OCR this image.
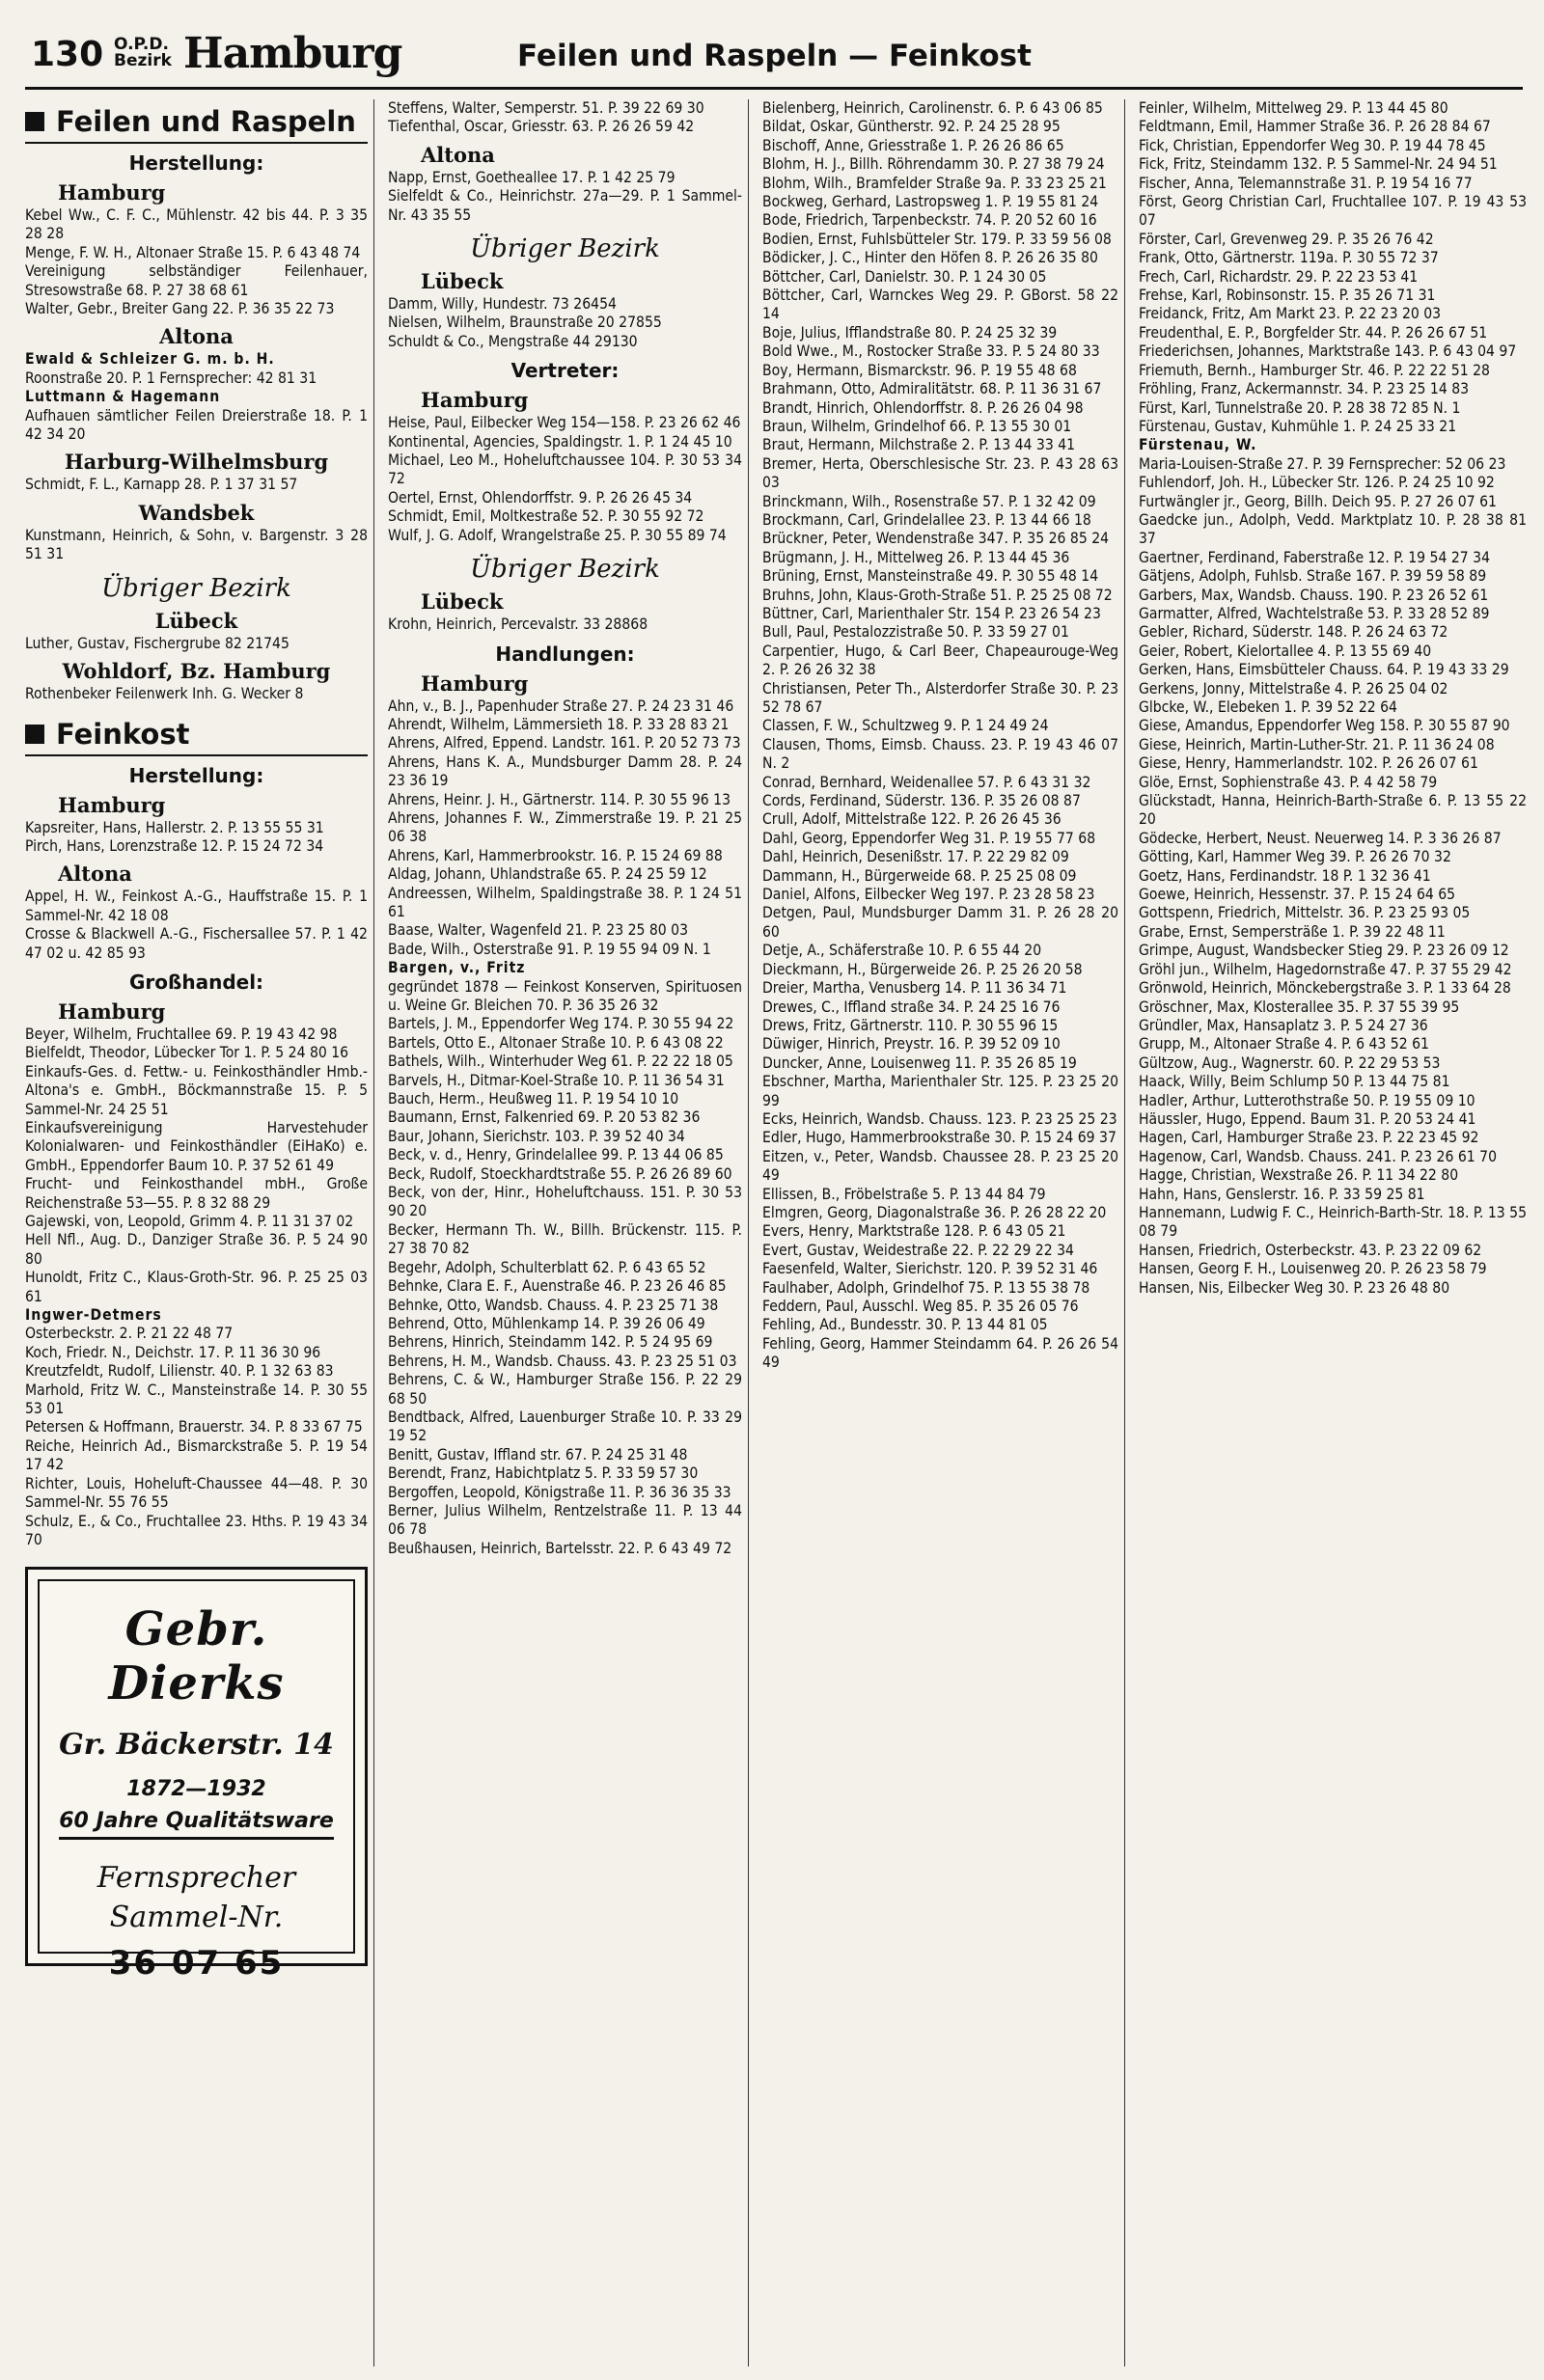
130 O.P.D.
Bezirk Hamburg	Feilen und Raspeln — Feinkost
Feilen und Raspeln
Herstellung:
Hamburg
Kebel Ww., C. F. C., Mühlenstr. 42 bis 44. P. 3 35 28 28
Menge, F. W. H., Altonaer Straße 15. P. 6 43 48 74
Vereinigung selbständiger Feilenhauer, Stresowstraße 68. P. 27 38 68 61
Walter, Gebr., Breiter Gang 22. P. 36 35 22 73
Altona
Ewald & Schleizer G. m. b. H.
Roonstraße 20. P. 1 Fernsprecher: 42 81 31
Luttmann & Hagemann
Aufhauen sämtlicher Feilen Dreierstraße 18. P. 1 42 34 20
Harburg-Wilhelmsburg
Schmidt, F. L., Karnapp 28. P. 1 37 31 57
Wandsbek
Kunstmann, Heinrich, & Sohn, v. Bargenstr. 3 28 51 31
Übriger Bezirk
Lübeck
Luther, Gustav, Fischergrube 82 21745
Wohldorf, Bz. Hamburg
Rothenbeker Feilenwerk Inh. G. Wecker 8
Feinkost
Herstellung:
Hamburg
Kapsreiter, Hans, Hallerstr. 2. P. 13 55 55 31
Pirch, Hans, Lorenzstraße 12. P. 15 24 72 34
Altona
Appel, H. W., Feinkost A.-G., Hauffstraße 15. P. 1 Sammel-Nr. 42 18 08
Crosse & Blackwell A.-G., Fischersallee 57. P. 1 42 47 02 u. 42 85 93
Großhandel:
Hamburg
Beyer, Wilhelm, Fruchtallee 69. P. 19 43 42 98
Bielfeldt, Theodor, Lübecker Tor 1. P. 5 24 80 16
Einkaufs-Ges. d. Fettw.- u. Feinkosthändler Hmb.-Altona's e. GmbH., Böckmannstraße 15. P. 5 Sammel-Nr. 24 25 51
Einkaufsvereinigung Harvestehuder Kolonialwaren- und Feinkosthändler (EiHaKo) e. GmbH., Eppendorfer Baum 10. P. 37 52 61 49
Frucht- und Feinkosthandel mbH., Große Reichenstraße 53—55. P. 8 32 88 29
Gajewski, von, Leopold, Grimm 4. P. 11 31 37 02
Hell Nfl., Aug. D., Danziger Straße 36. P. 5 24 90 80
Hunoldt, Fritz C., Klaus-Groth-Str. 96. P. 25 25 03 61
Ingwer-Detmers
Osterbeckstr. 2. P. 21 22 48 77
Koch, Friedr. N., Deichstr. 17. P. 11 36 30 96
Kreutzfeldt, Rudolf, Lilienstr. 40. P. 1 32 63 83
Marhold, Fritz W. C., Mansteinstraße 14. P. 30 55 53 01
Petersen & Hoffmann, Brauerstr. 34. P. 8 33 67 75
Reiche, Heinrich Ad., Bismarckstraße 5. P. 19 54 17 42
Richter, Louis, Hoheluft-Chaussee 44—48. P. 30 Sammel-Nr. 55 76 55
Schulz, E., & Co., Fruchtallee 23. Hths. P. 19 43 34 70
Gebr. Dierks
Gr. Bäckerstr. 14
1872—1932
60 Jahre Qualitätsware
Fernsprecher
Sammel-Nr.
36 07 65
Steffens, Walter, Semperstr. 51. P. 39 22 69 30
Tiefenthal, Oscar, Griesstr. 63. P. 26 26 59 42
Altona
Napp, Ernst, Goetheallee 17. P. 1 42 25 79
Sielfeldt & Co., Heinrichstr. 27a—29. P. 1 Sammel-Nr. 43 35 55
Übriger Bezirk
Lübeck
Damm, Willy, Hundestr. 73 26454
Nielsen, Wilhelm, Braunstraße 20 27855
Schuldt & Co., Mengstraße 44 29130
Vertreter:
Hamburg
Heise, Paul, Eilbecker Weg 154—158. P. 23 26 62 46
Kontinental, Agencies, Spaldingstr. 1. P. 1 24 45 10
Michael, Leo M., Hoheluftchaussee 104. P. 30 53 34 72
Oertel, Ernst, Ohlendorffstr. 9. P. 26 26 45 34
Schmidt, Emil, Moltkestraße 52. P. 30 55 92 72
Wulf, J. G. Adolf, Wrangelstraße 25. P. 30 55 89 74
Übriger Bezirk
Lübeck
Krohn, Heinrich, Percevalstr. 33 28868
Handlungen:
Hamburg
Ahn, v., B. J., Papenhuder Straße 27. P. 24 23 31 46
Ahrendt, Wilhelm, Lämmersieth 18. P. 33 28 83 21
Ahrens, Alfred, Eppend. Landstr. 161. P. 20 52 73 73
Ahrens, Hans K. A., Mundsburger Damm 28. P. 24 23 36 19
Ahrens, Heinr. J. H., Gärtnerstr. 114. P. 30 55 96 13
Ahrens, Johannes F. W., Zimmerstraße 19. P. 21 25 06 38
Ahrens, Karl, Hammerbrookstr. 16. P. 15 24 69 88
Aldag, Johann, Uhlandstraße 65. P. 24 25 59 12
Andreessen, Wilhelm, Spaldingstraße 38. P. 1 24 51 61
Baase, Walter, Wagenfeld 21. P. 23 25 80 03
Bade, Wilh., Osterstraße 91. P. 19 55 94 09 N. 1
Bargen, v., Fritz
gegründet 1878 — Feinkost Konserven, Spirituosen u. Weine Gr. Bleichen 70. P. 36 35 26 32
Bartels, J. M., Eppendorfer Weg 174. P. 30 55 94 22
Bartels, Otto E., Altonaer Straße 10. P. 6 43 08 22
Bathels, Wilh., Winterhuder Weg 61. P. 22 22 18 05
Barvels, H., Ditmar-Koel-Straße 10. P. 11 36 54 31
Bauch, Herm., Heußweg 11. P. 19 54 10 10
Baumann, Ernst, Falkenried 69. P. 20 53 82 36
Baur, Johann, Sierichstr. 103. P. 39 52 40 34
Beck, v. d., Henry, Grindelallee 99. P. 13 44 06 85
Beck, Rudolf, Stoeckhardtstraße 55. P. 26 26 89 60
Beck, von der, Hinr., Hoheluftchauss. 151. P. 30 53 90 20
Becker, Hermann Th. W., Billh. Brückenstr. 115. P. 27 38 70 82
Begehr, Adolph, Schulterblatt 62. P. 6 43 65 52
Behnke, Clara E. F., Auenstraße 46. P. 23 26 46 85
Behnke, Otto, Wandsb. Chauss. 4. P. 23 25 71 38
Behrend, Otto, Mühlenkamp 14. P. 39 26 06 49
Behrens, Hinrich, Steindamm 142. P. 5 24 95 69
Behrens, H. M., Wandsb. Chauss. 43. P. 23 25 51 03
Behrens, C. & W., Hamburger Straße 156. P. 22 29 68 50
Bendtback, Alfred, Lauenburger Straße 10. P. 33 29 19 52
Benitt, Gustav, Iffland str. 67. P. 24 25 31 48
Berendt, Franz, Habichtplatz 5. P. 33 59 57 30
Bergoffen, Leopold, Königstraße 11. P. 36 36 35 33
Berner, Julius Wilhelm, Rentzelstraße 11. P. 13 44 06 78
Beußhausen, Heinrich, Bartelsstr. 22. P. 6 43 49 72
Bielenberg, Heinrich, Carolinenstr. 6. P. 6 43 06 85
Bildat, Oskar, Güntherstr. 92. P. 24 25 28 95
Bischoff, Anne, Griesstraße 1. P. 26 26 86 65
Blohm, H. J., Billh. Röhrendamm 30. P. 27 38 79 24
Blohm, Wilh., Bramfelder Straße 9a. P. 33 23 25 21
Bockweg, Gerhard, Lastropsweg 1. P. 19 55 81 24
Bode, Friedrich, Tarpenbeckstr. 74. P. 20 52 60 16
Bodien, Ernst, Fuhlsbütteler Str. 179. P. 33 59 56 08
Bödicker, J. C., Hinter den Höfen 8. P. 26 26 35 80
Böttcher, Carl, Danielstr. 30. P. 1 24 30 05
Böttcher, Carl, Warnckes Weg 29. P. GBorst. 58 22 14
Boje, Julius, Ifflandstraße 80. P. 24 25 32 39
Bold Wwe., M., Rostocker Straße 33. P. 5 24 80 33
Boy, Hermann, Bismarckstr. 96. P. 19 55 48 68
Brahmann, Otto, Admiralitätstr. 68. P. 11 36 31 67
Brandt, Hinrich, Ohlendorffstr. 8. P. 26 26 04 98
Braun, Wilhelm, Grindelhof 66. P. 13 55 30 01
Braut, Hermann, Milchstraße 2. P. 13 44 33 41
Bremer, Herta, Oberschlesische Str. 23. P. 43 28 63 03
Brinckmann, Wilh., Rosenstraße 57. P. 1 32 42 09
Brockmann, Carl, Grindelallee 23. P. 13 44 66 18
Brückner, Peter, Wendenstraße 347. P. 35 26 85 24
Brügmann, J. H., Mittelweg 26. P. 13 44 45 36
Brüning, Ernst, Mansteinstraße 49. P. 30 55 48 14
Bruhns, John, Klaus-Groth-Straße 51. P. 25 25 08 72
Büttner, Carl, Marienthaler Str. 154 P. 23 26 54 23
Bull, Paul, Pestalozzistraße 50. P. 33 59 27 01
Carpentier, Hugo, & Carl Beer, Chapeaurouge-Weg 2. P. 26 26 32 38
Christiansen, Peter Th., Alsterdorfer Straße 30. P. 23 52 78 67
Classen, F. W., Schultzweg 9. P. 1 24 49 24
Clausen, Thoms, Eimsb. Chauss. 23. P. 19 43 46 07 N. 2
Conrad, Bernhard, Weidenallee 57. P. 6 43 31 32
Cords, Ferdinand, Süderstr. 136. P. 35 26 08 87
Crull, Adolf, Mittelstraße 122. P. 26 26 45 36
Dahl, Georg, Eppendorfer Weg 31. P. 19 55 77 68
Dahl, Heinrich, Desenißstr. 17. P. 22 29 82 09
Dammann, H., Bürgerweide 68. P. 25 25 08 09
Daniel, Alfons, Eilbecker Weg 197. P. 23 28 58 23
Detgen, Paul, Mundsburger Damm 31. P. 26 28 20 60
Detje, A., Schäferstraße 10. P. 6 55 44 20
Dieckmann, H., Bürgerweide 26. P. 25 26 20 58
Dreier, Martha, Venusberg 14. P. 11 36 34 71
Drewes, C., Iffland straße 34. P. 24 25 16 76
Drews, Fritz, Gärtnerstr. 110. P. 30 55 96 15
Düwiger, Hinrich, Preystr. 16. P. 39 52 09 10
Duncker, Anne, Louisenweg 11. P. 35 26 85 19
Ebschner, Martha, Marienthaler Str. 125. P. 23 25 20 99
Ecks, Heinrich, Wandsb. Chauss. 123. P. 23 25 25 23
Edler, Hugo, Hammerbrookstraße 30. P. 15 24 69 37
Eitzen, v., Peter, Wandsb. Chaussee 28. P. 23 25 20 49
Ellissen, B., Fröbelstraße 5. P. 13 44 84 79
Elmgren, Georg, Diagonalstraße 36. P. 26 28 22 20
Evers, Henry, Marktstraße 128. P. 6 43 05 21
Evert, Gustav, Weidestraße 22. P. 22 29 22 34
Faesenfeld, Walter, Sierichstr. 120. P. 39 52 31 46
Faulhaber, Adolph, Grindelhof 75. P. 13 55 38 78
Feddern, Paul, Ausschl. Weg 85. P. 35 26 05 76
Fehling, Ad., Bundesstr. 30. P. 13 44 81 05
Fehling, Georg, Hammer Steindamm 64. P. 26 26 54 49
Feinler, Wilhelm, Mittelweg 29. P. 13 44 45 80
Feldtmann, Emil, Hammer Straße 36. P. 26 28 84 67
Fick, Christian, Eppendorfer Weg 30. P. 19 44 78 45
Fick, Fritz, Steindamm 132. P. 5 Sammel-Nr. 24 94 51
Fischer, Anna, Telemannstraße 31. P. 19 54 16 77
Först, Georg Christian Carl, Fruchtallee 107. P. 19 43 53 07
Förster, Carl, Grevenweg 29. P. 35 26 76 42
Frank, Otto, Gärtnerstr. 119a. P. 30 55 72 37
Frech, Carl, Richardstr. 29. P. 22 23 53 41
Frehse, Karl, Robinsonstr. 15. P. 35 26 71 31
Freidanck, Fritz, Am Markt 23. P. 22 23 20 03
Freudenthal, E. P., Borgfelder Str. 44. P. 26 26 67 51
Friederichsen, Johannes, Marktstraße 143. P. 6 43 04 97
Friemuth, Bernh., Hamburger Str. 46. P. 22 22 51 28
Fröhling, Franz, Ackermannstr. 34. P. 23 25 14 83
Fürst, Karl, Tunnelstraße 20. P. 28 38 72 85 N. 1
Fürstenau, Gustav, Kuhmühle 1. P. 24 25 33 21
Fürstenau, W.
Maria-Louisen-Straße 27. P. 39 Fernsprecher: 52 06 23
Fuhlendorf, Joh. H., Lübecker Str. 126. P. 24 25 10 92
Furtwängler jr., Georg, Billh. Deich 95. P. 27 26 07 61
Gaedcke jun., Adolph, Vedd. Marktplatz 10. P. 28 38 81 37
Gaertner, Ferdinand, Faberstraße 12. P. 19 54 27 34
Gätjens, Adolph, Fuhlsb. Straße 167. P. 39 59 58 89
Garbers, Max, Wandsb. Chauss. 190. P. 23 26 52 61
Garmatter, Alfred, Wachtelstraße 53. P. 33 28 52 89
Gebler, Richard, Süderstr. 148. P. 26 24 63 72
Geier, Robert, Kielortallee 4. P. 13 55 69 40
Gerken, Hans, Eimsbütteler Chauss. 64. P. 19 43 33 29
Gerkens, Jonny, Mittelstraße 4. P. 26 25 04 02
Glbcke, W., Elebeken 1. P. 39 52 22 64
Giese, Amandus, Eppendorfer Weg 158. P. 30 55 87 90
Giese, Heinrich, Martin-Luther-Str. 21. P. 11 36 24 08
Giese, Henry, Hammerlandstr. 102. P. 26 26 07 61
Glöe, Ernst, Sophienstraße 43. P. 4 42 58 79
Glückstadt, Hanna, Heinrich-Barth-Straße 6. P. 13 55 22 20
Gödecke, Herbert, Neust. Neuerweg 14. P. 3 36 26 87
Götting, Karl, Hammer Weg 39. P. 26 26 70 32
Goetz, Hans, Ferdinandstr. 18 P. 1 32 36 41
Goewe, Heinrich, Hessenstr. 37. P. 15 24 64 65
Gottspenn, Friedrich, Mittelstr. 36. P. 23 25 93 05
Grabe, Ernst, Sempersträße 1. P. 39 22 48 11
Grimpe, August, Wandsbecker Stieg 29. P. 23 26 09 12
Gröhl jun., Wilhelm, Hagedornstraße 47. P. 37 55 29 42
Grönwold, Heinrich, Mönckebergstraße 3. P. 1 33 64 28
Gröschner, Max, Klosterallee 35. P. 37 55 39 95
Gründler, Max, Hansaplatz 3. P. 5 24 27 36
Grupp, M., Altonaer Straße 4. P. 6 43 52 61
Gültzow, Aug., Wagnerstr. 60. P. 22 29 53 53
Haack, Willy, Beim Schlump 50 P. 13 44 75 81
Hadler, Arthur, Lutterothstraße 50. P. 19 55 09 10
Häussler, Hugo, Eppend. Baum 31. P. 20 53 24 41
Hagen, Carl, Hamburger Straße 23. P. 22 23 45 92
Hagenow, Carl, Wandsb. Chauss. 241. P. 23 26 61 70
Hagge, Christian, Wexstraße 26. P. 11 34 22 80
Hahn, Hans, Genslerstr. 16. P. 33 59 25 81
Hannemann, Ludwig F. C., Heinrich-Barth-Str. 18. P. 13 55 08 79
Hansen, Friedrich, Osterbeckstr. 43. P. 23 22 09 62
Hansen, Georg F. H., Louisenweg 20. P. 26 23 58 79
Hansen, Nis, Eilbecker Weg 30. P. 23 26 48 80
